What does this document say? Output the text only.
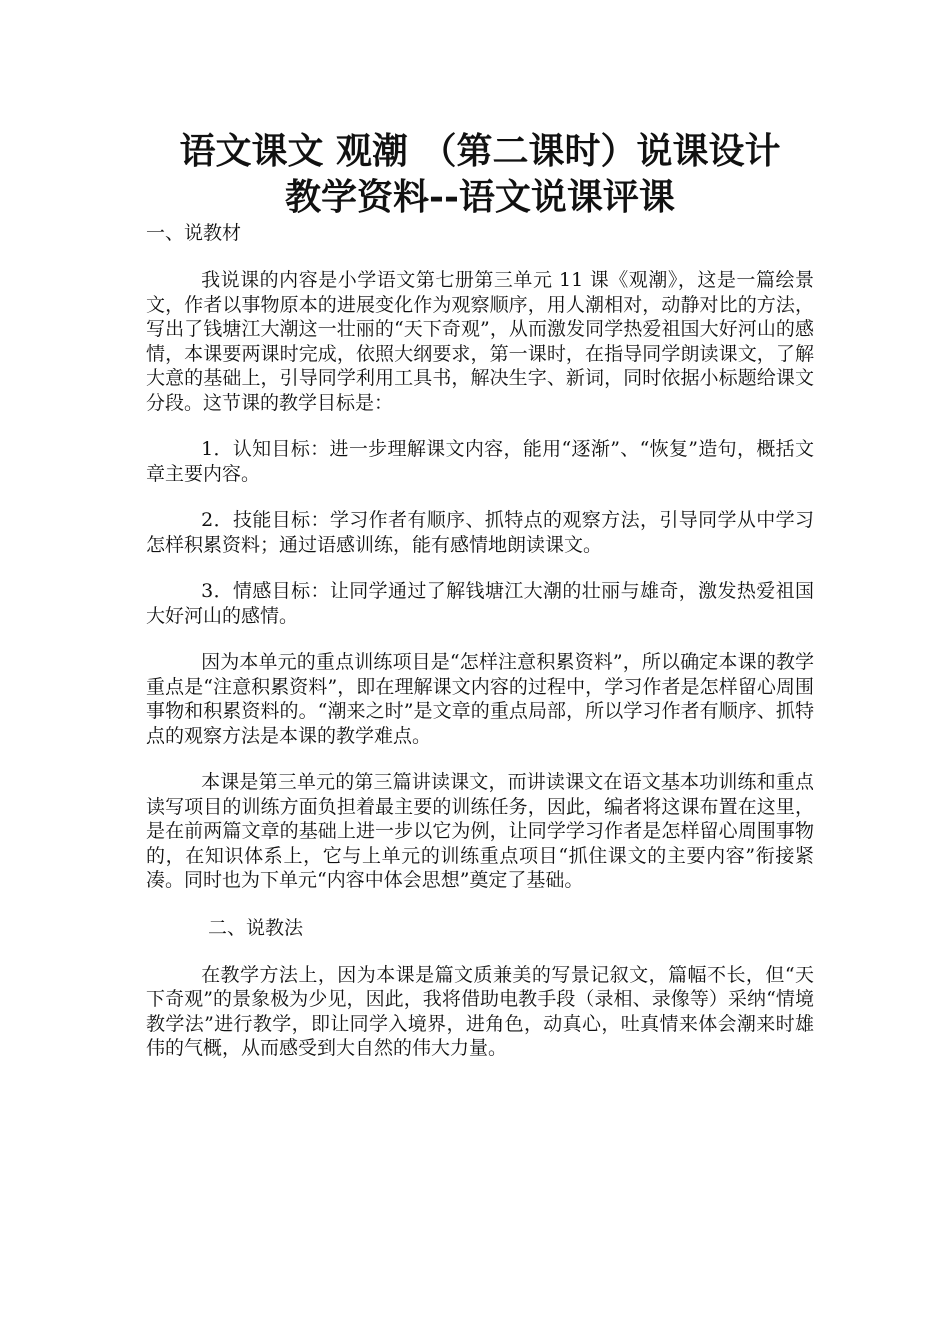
语文课文 观潮 （第二课时）说课设计
教学资料--语文说课评课

一、说教材

我说课的内容是小学语文第七册第三单元 11 课《观潮》，这是一篇绘景文，作者以事物原本的进展变化作为观察顺序，用人潮相对，动静对比的方法，写出了钱塘江大潮这一壮丽的“天下奇观”，从而激发同学热爱祖国大好河山的感情，本课要两课时完成，依照大纲要求，第一课时，在指导同学朗读课文，了解大意的基础上，引导同学利用工具书，解决生字、新词，同时依据小标题给课文分段。这节课的教学目标是：

1．认知目标：进一步理解课文内容，能用“逐渐”、“恢复”造句，概括文章主要内容。

2．技能目标：学习作者有顺序、抓特点的观察方法，引导同学从中学习怎样积累资料；通过语感训练，能有感情地朗读课文。

3．情感目标：让同学通过了解钱塘江大潮的壮丽与雄奇，激发热爱祖国大好河山的感情。

因为本单元的重点训练项目是“怎样注意积累资料”，所以确定本课的教学重点是“注意积累资料”，即在理解课文内容的过程中，学习作者是怎样留心周围事物和积累资料的。“潮来之时”是文章的重点局部，所以学习作者有顺序、抓特点的观察方法是本课的教学难点。

本课是第三单元的第三篇讲读课文，而讲读课文在语文基本功训练和重点读写项目的训练方面负担着最主要的训练任务，因此，编者将这课布置在这里，是在前两篇文章的基础上进一步以它为例，让同学学习作者是怎样留心周围事物的，在知识体系上，它与上单元的训练重点项目“抓住课文的主要内容”衔接紧凑。同时也为下单元“内容中体会思想”奠定了基础。

二、说教法

在教学方法上，因为本课是篇文质兼美的写景记叙文，篇幅不长，但“天下奇观”的景象极为少见，因此，我将借助电教手段（录相、录像等）采纳“情境教学法”进行教学，即让同学入境界，进角色，动真心，吐真情来体会潮来时雄伟的气概，从而感受到大自然的伟大力量。
